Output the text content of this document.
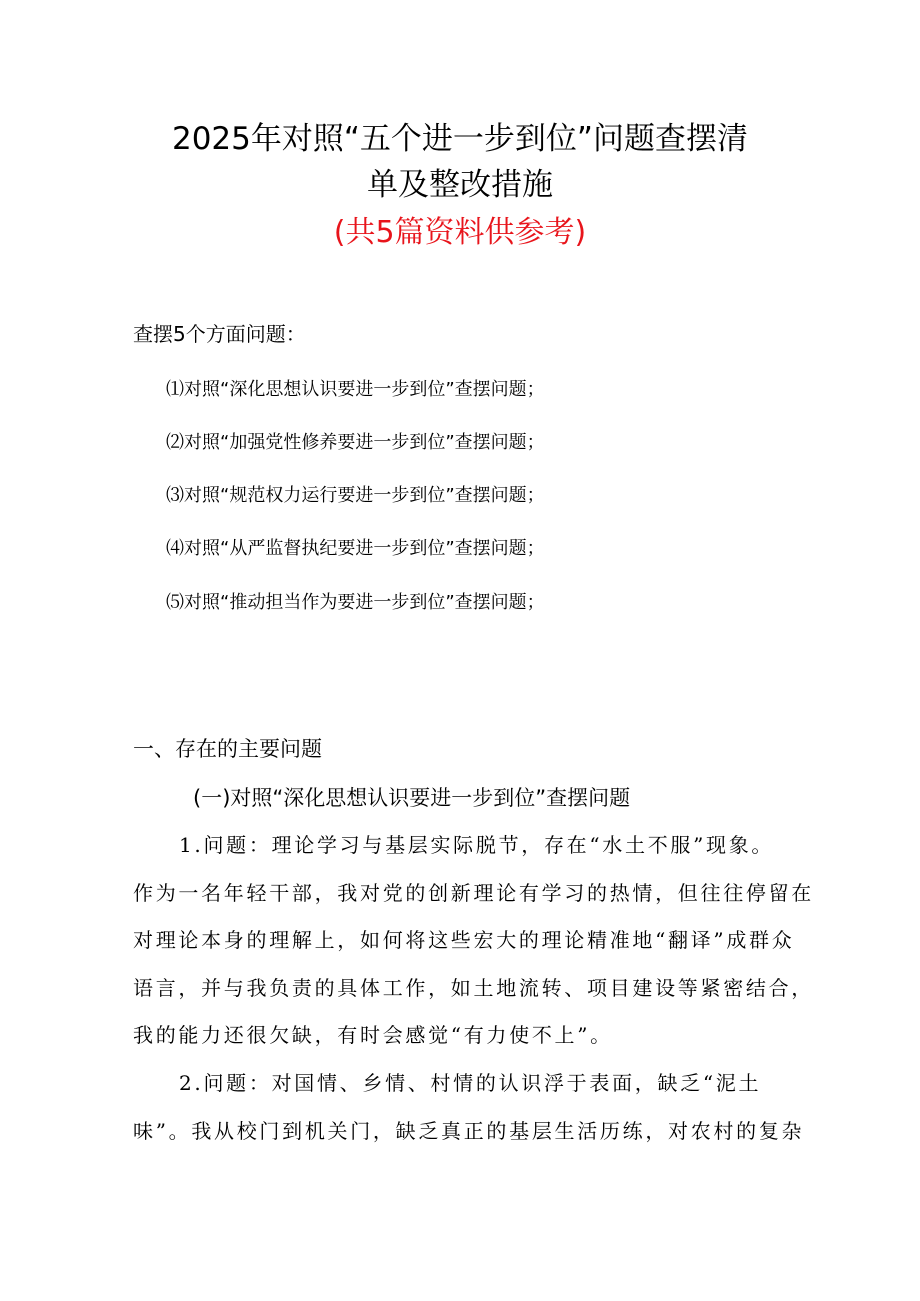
2025年对照“五个进一步到位”问题查摆清
单及整改措施
(共5篇资料供参考)
查摆5个方面问题：
⑴对照“深化思想认识要进一步到位”查摆问题；
⑵对照“加强党性修养要进一步到位”查摆问题；
⑶对照“规范权力运行要进一步到位”查摆问题；
⑷对照“从严监督执纪要进一步到位”查摆问题；
⑸对照“推动担当作为要进一步到位”查摆问题；
一、存在的主要问题
(一)对照“深化思想认识要进一步到位”查摆问题
1.问题：理论学习与基层实际脱节，存在“水土不服”现象。
作为一名年轻干部，我对党的创新理论有学习的热情，但往往停留在
对理论本身的理解上，如何将这些宏大的理论精准地“翻译”成群众
语言，并与我负责的具体工作，如土地流转、项目建设等紧密结合，
我的能力还很欠缺，有时会感觉“有力使不上”。
2.问题：对国情、乡情、村情的认识浮于表面，缺乏“泥土
味”。我从校门到机关门，缺乏真正的基层生活历练，对农村的复杂
